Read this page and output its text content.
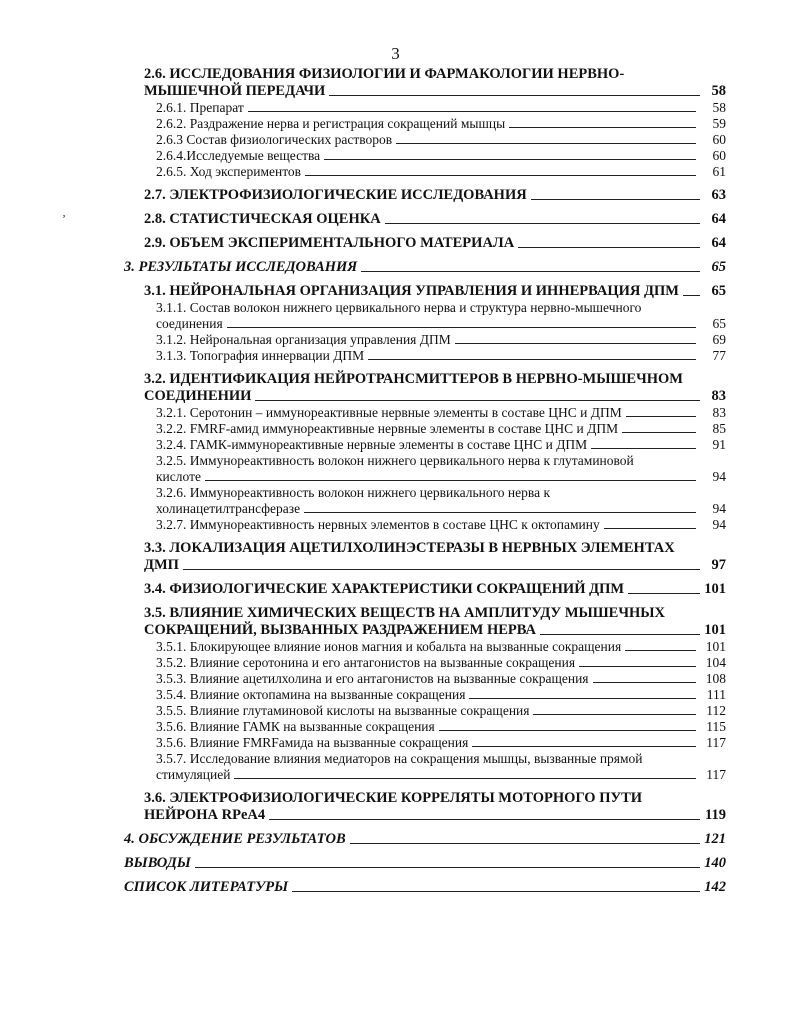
3
ʼ
2.6. ИССЛЕДОВАНИЯ ФИЗИОЛОГИИ И ФАРМАКОЛОГИИ НЕРВНО-
МЫШЕЧНОЙ ПЕРЕДАЧИ	58
2.6.1. Препарат	58
2.6.2. Раздражение нерва и регистрация сокращений мышцы	59
2.6.3 Состав физиологических растворов	60
2.6.4.Исследуемые вещества	60
2.6.5. Ход экспериментов	61
2.7. ЭЛЕКТРОФИЗИОЛОГИЧЕСКИЕ ИССЛЕДОВАНИЯ	63
2.8. СТАТИСТИЧЕСКАЯ ОЦЕНКА	64
2.9. ОБЪЕМ ЭКСПЕРИМЕНТАЛЬНОГО МАТЕРИАЛА	64
3. РЕЗУЛЬТАТЫ ИССЛЕДОВАНИЯ	65
3.1. НЕЙРОНАЛЬНАЯ ОРГАНИЗАЦИЯ УПРАВЛЕНИЯ И ИННЕРВАЦИЯ ДПМ	65
3.1.1. Состав волокон нижнего цервикального нерва и структура нервно-мышечного
соединения	65
3.1.2. Нейрональная организация управления ДПМ	69
3.1.3. Топография иннервации ДПМ	77
3.2. ИДЕНТИФИКАЦИЯ НЕЙРОТРАНСМИТТЕРОВ В НЕРВНО-МЫШЕЧНОМ
СОЕДИНЕНИИ	83
3.2.1. Серотонин – иммунореактивные нервные элементы в составе ЦНС и ДПМ	83
3.2.2. FMRF-амид иммунореактивные нервные элементы в составе ЦНС и ДПМ	85
3.2.4. ГАМК-иммунореактивные нервные элементы в составе ЦНС и ДПМ	91
3.2.5. Иммунореактивность волокон нижнего цервикального нерва к глутаминовой
кислоте	94
3.2.6. Иммунореактивность волокон нижнего цервикального нерва к
холинацетилтрансферазе	94
3.2.7. Иммунореактивность нервных элементов в составе ЦНС к октопамину	94
3.3. ЛОКАЛИЗАЦИЯ АЦЕТИЛХОЛИНЭСТЕРАЗЫ В НЕРВНЫХ ЭЛЕМЕНТАХ
ДМП	97
3.4. ФИЗИОЛОГИЧЕСКИЕ ХАРАКТЕРИСТИКИ СОКРАЩЕНИЙ ДПМ	101
3.5. ВЛИЯНИЕ ХИМИЧЕСКИХ ВЕЩЕСТВ НА АМПЛИТУДУ МЫШЕЧНЫХ
СОКРАЩЕНИЙ, ВЫЗВАННЫХ РАЗДРАЖЕНИЕМ НЕРВА	101
3.5.1. Блокирующее влияние ионов магния и кобальта на вызванные сокращения	101
3.5.2. Влияние серотонина и его антагонистов на вызванные сокращения	104
3.5.3. Влияние ацетилхолина и его антагонистов на вызванные сокращения	108
3.5.4. Влияние октопамина на вызванные сокращения	111
3.5.5. Влияние глутаминовой кислоты на вызванные сокращения	112
3.5.6. Влияние ГАМК на вызванные сокращения	115
3.5.6. Влияние FMRFамида на вызванные сокращения	117
3.5.7. Исследование влияния медиаторов на сокращения мышцы, вызванные прямой
стимуляцией	117
3.6. ЭЛЕКТРОФИЗИОЛОГИЧЕСКИЕ КОРРЕЛЯТЫ МОТОРНОГО ПУТИ
НЕЙРОНА RPeA4	119
4. ОБСУЖДЕНИЕ РЕЗУЛЬТАТОВ	121
ВЫВОДЫ	140
СПИСОК ЛИТЕРАТУРЫ	142
